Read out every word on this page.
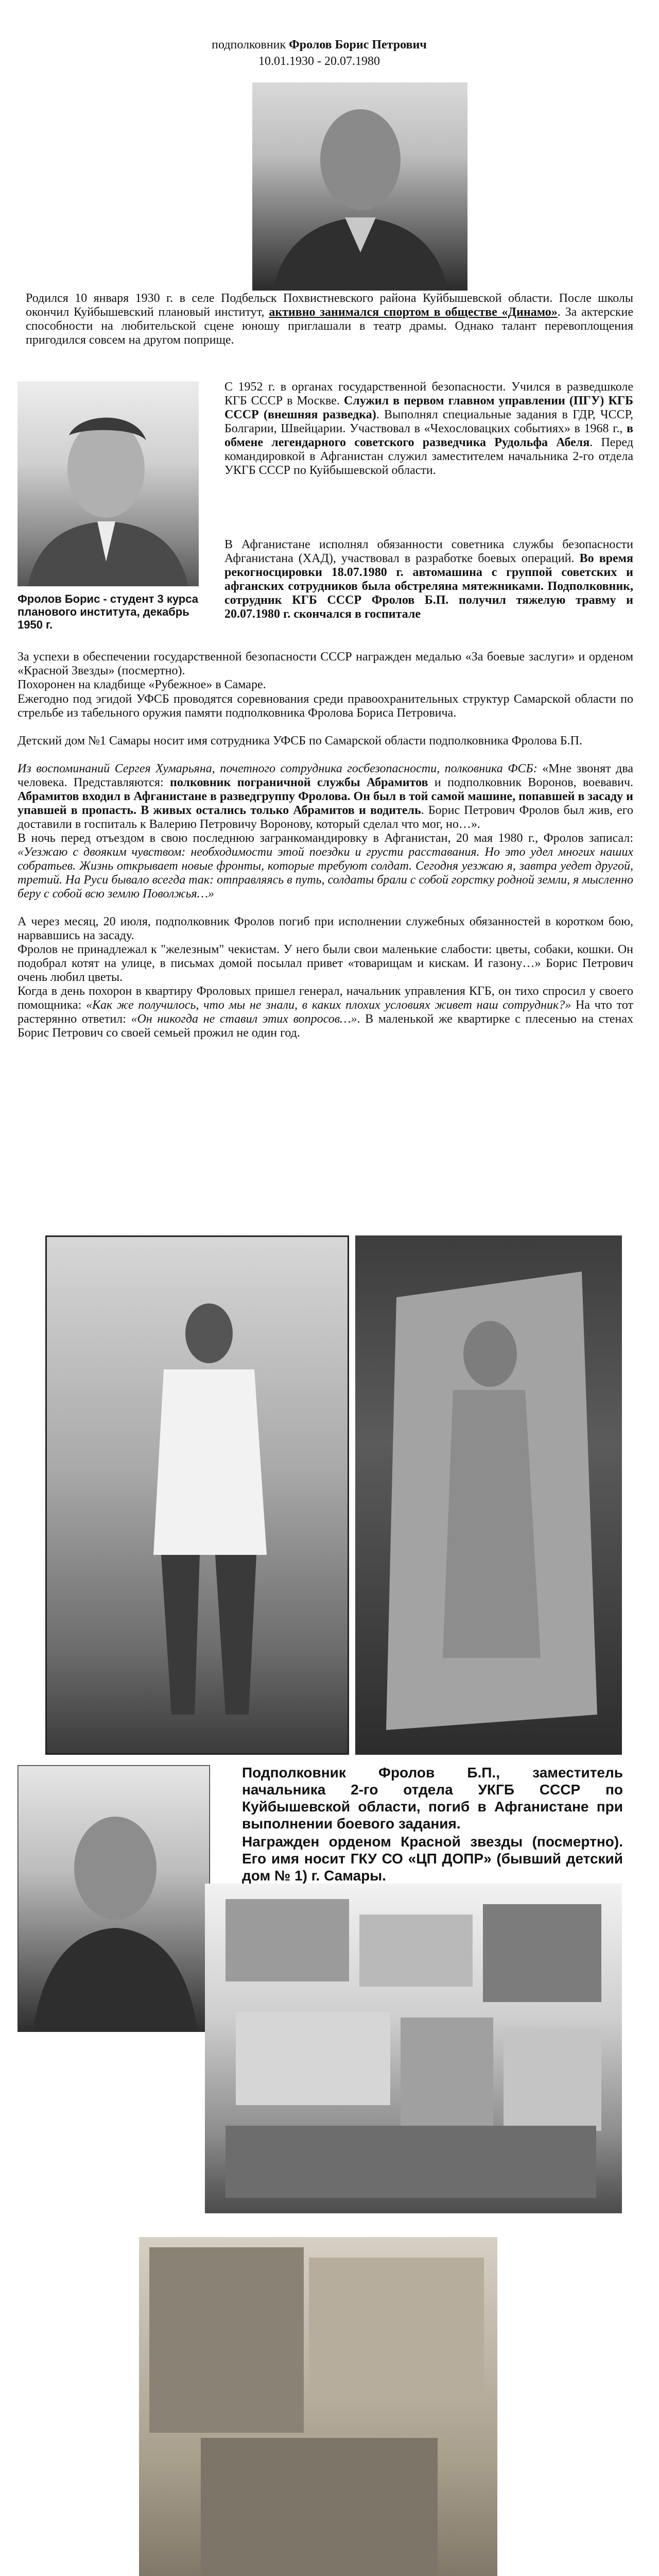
подполковник Фролов Борис Петрович
10.01.1930 - 20.07.1980
Фролов Борис - студент 3 курса планового института, декабрь 1950 г.

Родился 10 января 1930 г. в селе Подбельск Похвистневского района Куйбышевской области. После школы окончил Куйбышевский плановый институт, активно занимался спортом в обществе «Динамо». За актерские способности на любительской сцене юношу приглашали в театр драмы. Однако талант перевоплощения пригодился совсем на другом поприще.

С 1952 г. в органах государственной безопасности. Учился в разведшколе КГБ СССР в Москве. Служил в первом главном управлении (ПГУ) КГБ СССР (внешняя разведка). Выполнял специальные задания в ГДР, ЧССР, Болгарии, Швейцарии. Участвовал в «Чехословацких событиях» в 1968 г., в обмене легендарного советского разведчика Рудольфа Абеля. Перед командировкой в Афганистан служил заместителем начальника 2-го отдела УКГБ СССР по Куйбышевской области.

В Афганистане исполнял обязанности советника службы безопасности Афганистана (ХАД), участвовал в разработке боевых операций. Во время рекогносцировки 18.07.1980 г. автомашина с группой советских и афганских сотрудников была обстреляна мятежниками. Подполковник, сотрудник КГБ СССР Фролов Б.П. получил тяжелую травму и 20.07.1980 г. скончался в госпитале

За успехи в обеспечении государственной безопасности СССР награжден медалью «За боевые заслуги» и орденом «Красной Звезды» (посмертно).

Похоронен на кладбище «Рубежное» в Самаре.

Ежегодно под эгидой УФСБ проводятся соревнования среди правоохранительных структур Самарской области по стрельбе из табельного оружия памяти подполковника Фролова Бориса Петровича.

Детский дом №1 Самары носит имя сотрудника УФСБ по Самарской области подполковника Фролова Б.П.

Из воспоминаний Сергея Хумарьяна, почетного сотрудника госбезопасности, полковника ФСБ: «Мне звонят два человека. Представляются: полковник пограничной службы Абрамитов и подполковник Воронов, воевавич. Абрамитов входил в Афганистане в разведгруппу Фролова. Он был в той самой машине, попавшей в засаду и упавшей в пропасть. В живых остались только Абрамитов и водитель. Борис Петрович Фролов был жив, его доставили в госпиталь к Валерию Петровичу Воронову, который сделал что мог, но…».

В ночь перед отъездом в свою последнюю загранкомандировку в Афганистан, 20 мая 1980 г., Фролов записал: «Уезжаю с двояким чувством: необходимости этой поездки и грусти расставания. Но это удел многих наших собратьев. Жизнь открывает новые фронты, которые требуют солдат. Сегодня уезжаю я, завтра уедет другой, третий. На Руси бывало всегда так: отправляясь в путь, солдаты брали с собой горстку родной земли, я мысленно беру с собой всю землю Поволжья…»

А через месяц, 20 июля, подполковник Фролов погиб при исполнении служебных обязанностей в коротком бою, нарвавшись на засаду.

Фролов не принадлежал к "железным" чекистам. У него были свои маленькие слабости: цветы, собаки, кошки. Он подобрал котят на улице, в письмах домой посылал привет «товарищам и кискам. И газону…» Борис Петрович очень любил цветы.

Когда в день похорон в квартиру Фроловых пришел генерал, начальник управления КГБ, он тихо спросил у своего помощника: «Как же получилось, что мы не знали, в каких плохих условиях живет наш сотрудник?» На что тот растерянно ответил: «Он никогда не ставил этих вопросов…». В маленькой же квартирке с плесенью на стенах Борис Петрович со своей семьей прожил не один год.

Подполковник Фролов Б.П., заместитель начальника 2-го отдела УКГБ СССР по Куйбышевской области, погиб в Афганистане при выполнении боевого задания.
Награжден орденом Красной звезды (посмертно). Его имя носит ГКУ СО «ЦП ДОПР» (бывший детский дом № 1) г. Самары.
